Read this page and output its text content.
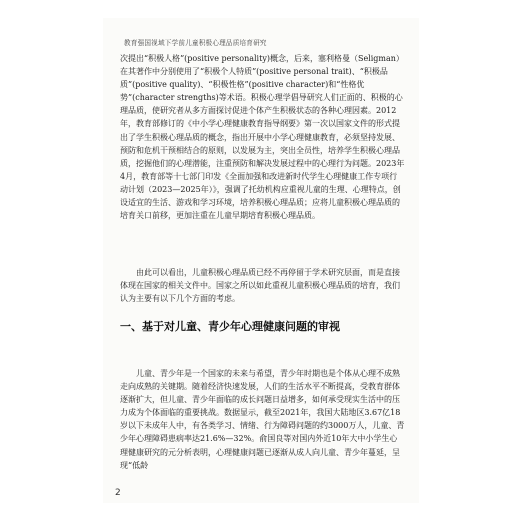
教育强国视域下学前儿童积极心理品质培育研究

次提出“积极人格”(positive personality)概念，后来，塞利格曼（Seligman）在其著作中分别使用了“积极个人特质”(positive personal trait)、“积极品质”(positive quality)、“积极性格”(positive character)和“性格优势”(character strengths)等术语。积极心理学倡导研究人们正面的、积极的心理品质，使研究者从多方面探讨促进个体产生积极状态的各种心理因素。2012年，教育部修订的《中小学心理健康教育指导纲要》第一次以国家文件的形式提出了学生积极心理品质的概念，指出开展中小学心理健康教育，必须坚持发展、预防和危机干预相结合的原则，以发展为主，突出全员性，培养学生积极心理品质，挖掘他们的心理潜能，注重预防和解决发展过程中的心理行为问题。2023年4月，教育部等十七部门印发《全面加强和改进新时代学生心理健康工作专项行动计划（2023—2025年）》，强调了托幼机构应重视儿童的生理、心理特点，创设适宜的生活、游戏和学习环境，培养积极心理品质；应将儿童积极心理品质的培育关口前移，更加注重在儿童早期培育积极心理品质。

由此可以看出，儿童积极心理品质已经不再停留于学术研究层面，而是直接体现在国家的相关文件中。国家之所以如此重视儿童积极心理品质的培育，我们认为主要有以下几个方面的考虑。

一、基于对儿童、青少年心理健康问题的审视

儿童、青少年是一个国家的未来与希望，青少年时期也是个体从心理不成熟走向成熟的关键期。随着经济快速发展，人们的生活水平不断提高，受教育群体逐渐扩大，但儿童、青少年面临的成长问题日益增多，如何承受现实生活中的压力成为个体面临的重要挑战。数据显示，截至2021年，我国大陆地区3.67亿18岁以下未成年人中，有各类学习、情绪、行为障碍问题的约3000万人，儿童、青少年心理障碍患病率达21.6%—32%。俞国良等对国内外近10年大中小学生心理健康研究的元分析表明，心理健康问题已逐渐从成人向儿童、青少年蔓延，呈现“低龄

2
